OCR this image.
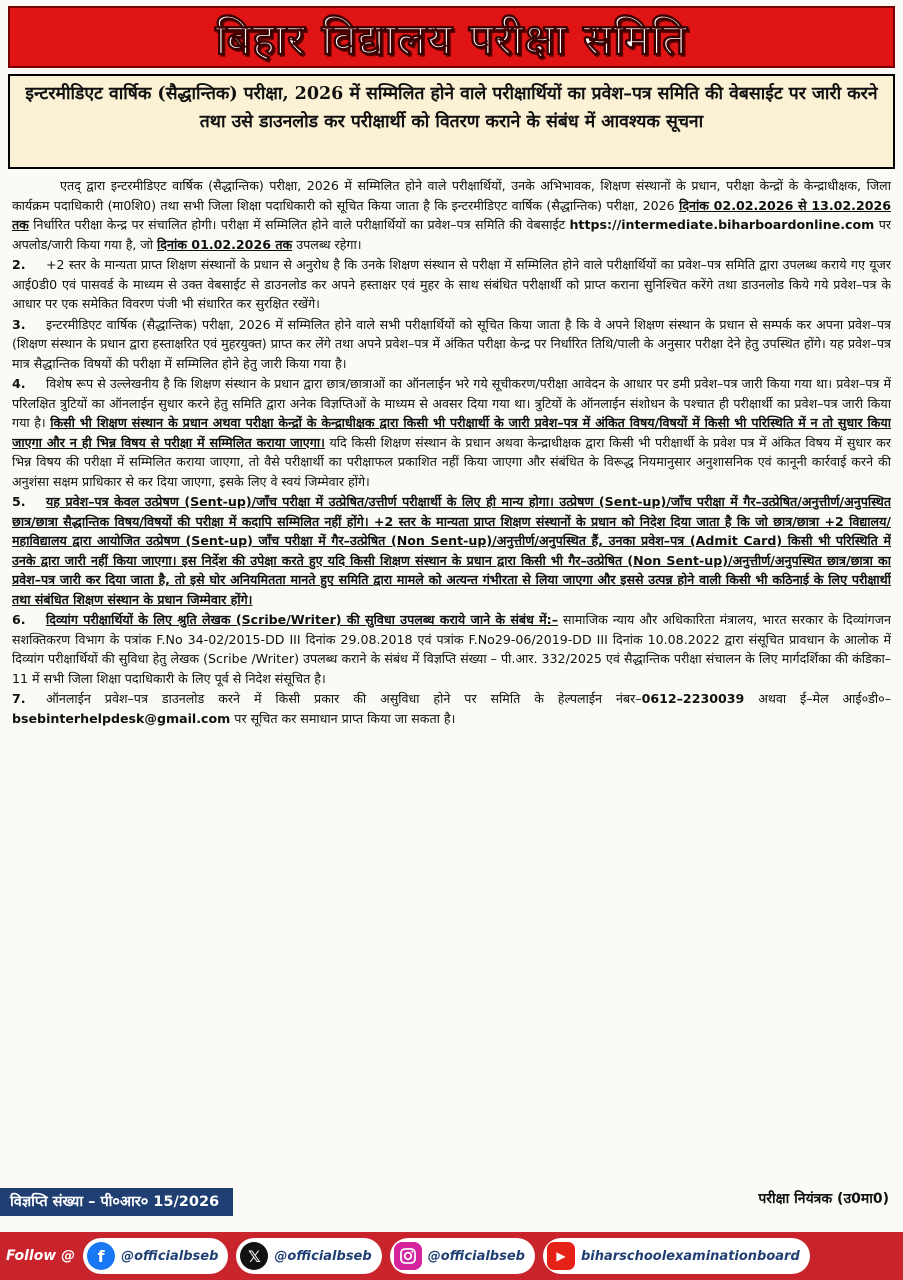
बिहार विद्यालय परीक्षा समिति
इन्टरमीडिएट वार्षिक (सैद्धान्तिक) परीक्षा, 2026 में सम्मिलित होने वाले परीक्षार्थियों का प्रवेश–पत्र समिति की वेबसाईट पर जारी करने तथा उसे डाउनलोड कर परीक्षार्थी को वितरण कराने के संबंध में आवश्यक सूचना

एतद् द्वारा इन्टरमीडिएट वार्षिक (सैद्धान्तिक) परीक्षा, 2026 में सम्मिलित होने वाले परीक्षार्थियों, उनके अभिभावक, शिक्षण संस्थानों के प्रधान, परीक्षा केन्द्रों के केन्द्राधीक्षक, जिला कार्यक्रम पदाधिकारी (मा0शि0) तथा सभी जिला शिक्षा पदाधिकारी को सूचित किया जाता है कि इन्टरमीडिएट वार्षिक (सैद्धान्तिक) परीक्षा, 2026 दिनांक 02.02.2026 से 13.02.2026 तक निर्धारित परीक्षा केन्द्र पर संचालित होगी। परीक्षा में सम्मिलित होने वाले परीक्षार्थियों का प्रवेश–पत्र समिति की वेबसाईट https://intermediate.biharboardonline.com पर अपलोड/जारी किया गया है, जो दिनांक 01.02.2026 तक उपलब्ध रहेगा।

2. +2 स्तर के मान्यता प्राप्त शिक्षण संस्थानों के प्रधान से अनुरोध है कि उनके शिक्षण संस्थान से परीक्षा में सम्मिलित होने वाले परीक्षार्थियों का प्रवेश–पत्र समिति द्वारा उपलब्ध कराये गए यूजर आई0डी0 एवं पासवर्ड के माध्यम से उक्त वेबसाईट से डाउनलोड कर अपने हस्ताक्षर एवं मुहर के साथ संबंधित परीक्षार्थी को प्राप्त कराना सुनिश्चित करेंगे तथा डाउनलोड किये गये प्रवेश–पत्र के आधार पर एक समेकित विवरण पंजी भी संधारित कर सुरक्षित रखेंगे।

3. इन्टरमीडिएट वार्षिक (सैद्धान्तिक) परीक्षा, 2026 में सम्मिलित होने वाले सभी परीक्षार्थियों को सूचित किया जाता है कि वे अपने शिक्षण संस्थान के प्रधान से सम्पर्क कर अपना प्रवेश–पत्र (शिक्षण संस्थान के प्रधान द्वारा हस्ताक्षरित एवं मुहरयुक्त) प्राप्त कर लेंगे तथा अपने प्रवेश–पत्र में अंकित परीक्षा केन्द्र पर निर्धारित तिथि/पाली के अनुसार परीक्षा देने हेतु उपस्थित होंगे। यह प्रवेश–पत्र मात्र सैद्धान्तिक विषयों की परीक्षा में सम्मिलित होने हेतु जारी किया गया है।

4. विशेष रूप से उल्लेखनीय है कि शिक्षण संस्थान के प्रधान द्वारा छात्र/छात्राओं का ऑनलाईन भरे गये सूचीकरण/परीक्षा आवेदन के आधार पर डमी प्रवेश–पत्र जारी किया गया था। प्रवेश–पत्र में परिलक्षित त्रुटियों का ऑनलाईन सुधार करने हेतु समिति द्वारा अनेक विज्ञप्तिओं के माध्यम से अवसर दिया गया था। त्रुटियों के ऑनलाईन संशोधन के पश्चात ही परीक्षार्थी का प्रवेश–पत्र जारी किया गया है। किसी भी शिक्षण संस्थान के प्रधान अथवा परीक्षा केन्द्रों के केन्द्राधीक्षक द्वारा किसी भी परीक्षार्थी के जारी प्रवेश–पत्र में अंकित विषय/विषयों में किसी भी परिस्थिति में न तो सुधार किया जाएगा और न ही भिन्न विषय से परीक्षा में सम्मिलित कराया जाएगा। यदि किसी शिक्षण संस्थान के प्रधान अथवा केन्द्राधीक्षक द्वारा किसी भी परीक्षार्थी के प्रवेश पत्र में अंकित विषय में सुधार कर भिन्न विषय की परीक्षा में सम्मिलित कराया जाएगा, तो वैसे परीक्षार्थी का परीक्षाफल प्रकाशित नहीं किया जाएगा और संबंधित के विरूद्ध नियमानुसार अनुशासनिक एवं कानूनी कार्रवाई करने की अनुशंसा सक्षम प्राधिकार से कर दिया जाएगा, इसके लिए वे स्वयं जिम्मेवार होंगे।

5. यह प्रवेश–पत्र केवल उत्प्रेषण (Sent-up)/जाँच परीक्षा में उत्प्रेषित/उत्तीर्ण परीक्षार्थी के लिए ही मान्य होगा। उत्प्रेषण (Sent-up)/जाँच परीक्षा में गैर–उत्प्रेषित/अनुत्तीर्ण/अनुपस्थित छात्र/छात्रा सैद्धान्तिक विषय/विषयों की परीक्षा में कदापि सम्मिलित नहीं होंगे। +2 स्तर के मान्यता प्राप्त शिक्षण संस्थानों के प्रधान को निदेश दिया जाता है कि जो छात्र/छात्रा +2 विद्यालय/महाविद्यालय द्वारा आयोजित उत्प्रेषण (Sent-up) जाँच परीक्षा में गैर–उत्प्रेषित (Non Sent-up)/अनुत्तीर्ण/अनुपस्थित हैं, उनका प्रवेश–पत्र (Admit Card) किसी भी परिस्थिति में उनके द्वारा जारी नहीं किया जाएगा। इस निर्देश की उपेक्षा करते हुए यदि किसी शिक्षण संस्थान के प्रधान द्वारा किसी भी गैर–उत्प्रेषित (Non Sent-up)/अनुत्तीर्ण/अनुपस्थित छात्र/छात्रा का प्रवेश–पत्र जारी कर दिया जाता है, तो इसे घोर अनियमितता मानते हुए समिति द्वारा मामले को अत्यन्त गंभीरता से लिया जाएगा और इससे उत्पन्न होने वाली किसी भी कठिनाई के लिए परीक्षार्थी तथा संबंधित शिक्षण संस्थान के प्रधान जिम्मेवार होंगे।

6. दिव्यांग परीक्षार्थियों के लिए श्रुति लेखक (Scribe/Writer) की सुविधा उपलब्ध कराये जाने के संबंध में:– सामाजिक न्याय और अधिकारिता मंत्रालय, भारत सरकार के दिव्यांगजन सशक्तिकरण विभाग के पत्रांक F.No 34-02/2015-DD III दिनांक 29.08.2018 एवं पत्रांक F.No29-06/2019-DD III दिनांक 10.08.2022 द्वारा संसूचित प्रावधान के आलोक में दिव्यांग परीक्षार्थियों की सुविधा हेतु लेखक (Scribe /Writer) उपलब्ध कराने के संबंध में विज्ञप्ति संख्या – पी.आर. 332/2025 एवं सैद्धान्तिक परीक्षा संचालन के लिए मार्गदर्शिका की कंडिका–11 में सभी जिला शिक्षा पदाधिकारी के लिए पूर्व से निदेश संसूचित है।

7. ऑनलाईन प्रवेश–पत्र डाउनलोड करने में किसी प्रकार की असुविधा होने पर समिति के हेल्पलाईन नंबर–0612–2230039 अथवा ई–मेल आई०डी०–bsebinterhelpdesk@gmail.com पर सूचित कर समाधान प्राप्त किया जा सकता है।

विज्ञप्ति संख्या – पी०आर० 15/2026	परीक्षा नियंत्रक (उ0मा0)
Follow @	f	@officialbseb	𝕏	@officialbseb	@officialbseb	▶	biharschoolexaminationboard
